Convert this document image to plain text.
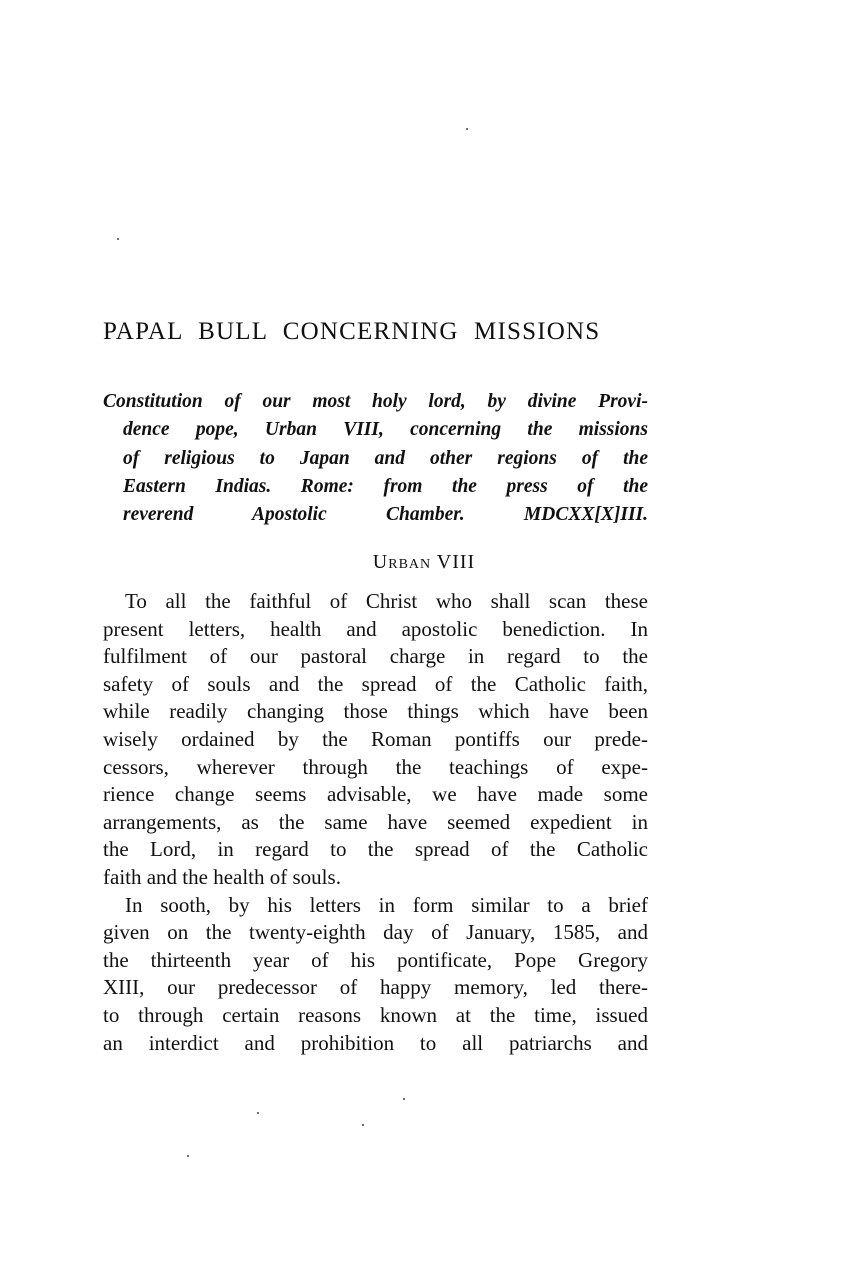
PAPAL BULL CONCERNING MISSIONS
Constitution of our most holy lord, by divine Provi-
dence pope, Urban VIII, concerning the missions
of religious to Japan and other regions of the
Eastern Indias. Rome: from the press of the
reverend Apostolic Chamber. MDCXX[X]III.
Urban VIII
To all the faithful of Christ who shall scan these
present letters, health and apostolic benediction. In
fulfilment of our pastoral charge in regard to the
safety of souls and the spread of the Catholic faith,
while readily changing those things which have been
wisely ordained by the Roman pontiffs our prede-
cessors, wherever through the teachings of expe-
rience change seems advisable, we have made some
arrangements, as the same have seemed expedient in
the Lord, in regard to the spread of the Catholic
faith and the health of souls.
In sooth, by his letters in form similar to a brief
given on the twenty-eighth day of January, 1585, and
the thirteenth year of his pontificate, Pope Gregory
XIII, our predecessor of happy memory, led there-
to through certain reasons known at the time, issued
an interdict and prohibition to all patriarchs and
